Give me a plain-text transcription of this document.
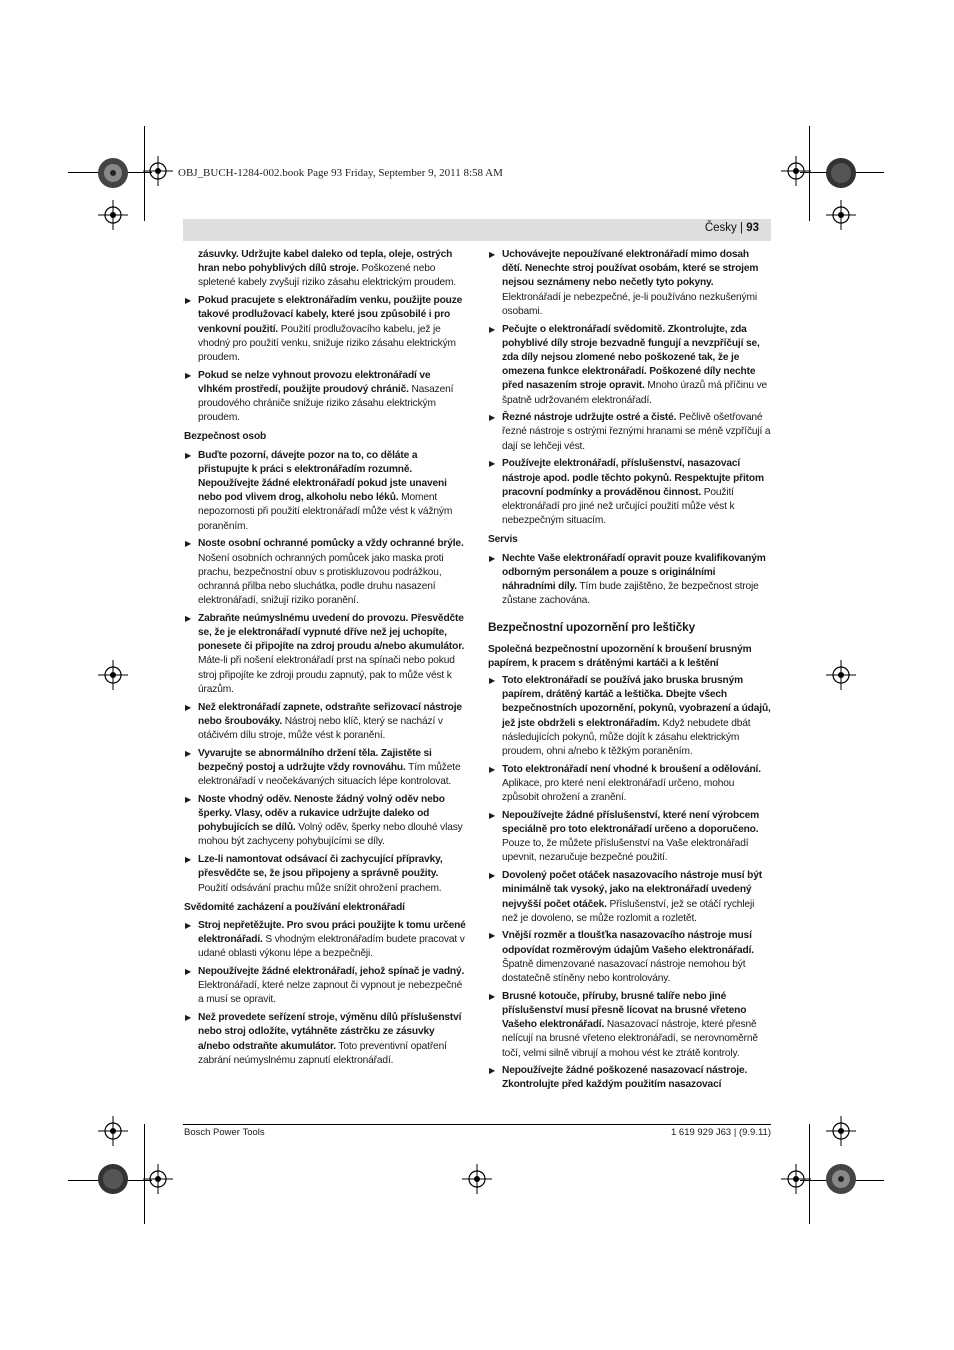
OBJ_BUCH-1284-002.book Page 93 Friday, September 9, 2011 8:58 AM
Česky | 93
zásuvky. Udržujte kabel daleko od tepla, oleje, ostrých hran nebo pohyblivých dílů stroje. Poškozené nebo spletené kabely zvyšují riziko zásahu elektrickým proudem.
▶ Pokud pracujete s elektronářadím venku, použijte pouze takové prodlužovací kabely, které jsou způsobilé i pro venkovní použití. Použití prodlužovacího kabelu, jež je vhodný pro použití venku, snižuje riziko zásahu elektrickým proudem.
▶ Pokud se nelze vyhnout provozu elektronářadí ve vlhkém prostředí, použijte proudový chránič. Nasazení proudového chrániče snižuje riziko zásahu elektrickým proudem.
Bezpečnost osob
▶ Buďte pozorní, dávejte pozor na to, co děláte a přistupujte k práci s elektronářadím rozumně. Nepoužívejte žádné elektronářadí pokud jste unaveni nebo pod vlivem drog, alkoholu nebo léků. Moment nepozornosti při použití elektronářadí může vést k vážným poraněním.
▶ Noste osobní ochranné pomůcky a vždy ochranné brýle. Nošení osobních ochranných pomůcek jako maska proti prachu, bezpečnostní obuv s protiskluzovou podrážkou, ochranná přilba nebo sluchátka, podle druhu nasazení elektronářadí, snižují riziko poranění.
▶ Zabraňte neúmyslnému uvedení do provozu. Přesvědčte se, že je elektronářadí vypnuté dříve než jej uchopíte, ponesete či připojíte na zdroj proudu a/nebo akumulátor. Máte-li při nošení elektronářadí prst na spínači nebo pokud stroj připojíte ke zdroji proudu zapnutý, pak to může vést k úrazům.
▶ Než elektronářadí zapnete, odstraňte seřizovací nástroje nebo šroubováky. Nástroj nebo klíč, který se nachází v otáčivém dílu stroje, může vést k poranění.
▶ Vyvarujte se abnormálního držení těla. Zajistěte si bezpečný postoj a udržujte vždy rovnováhu. Tím můžete elektronářadí v neočekávaných situacích lépe kontrolovat.
▶ Noste vhodný oděv. Nenoste žádný volný oděv nebo šperky. Vlasy, oděv a rukavice udržujte daleko od pohybujících se dílů. Volný oděv, šperky nebo dlouhé vlasy mohou být zachyceny pohybujícími se díly.
▶ Lze-li namontovat odsávací či zachycující přípravky, přesvědčte se, že jsou připojeny a správně použity. Použití odsávání prachu může snížit ohrožení prachem.
Svědomité zacházení a používání elektronářadí
▶ Stroj nepřetěžujte. Pro svou práci použijte k tomu určené elektronářadí. S vhodným elektronářadím budete pracovat v udané oblasti výkonu lépe a bezpečněji.
▶ Nepoužívejte žádné elektronářadí, jehož spínač je vadný. Elektronářadí, které nelze zapnout či vypnout je nebezpečné a musí se opravit.
▶ Než provedete seřízení stroje, výměnu dílů příslušenství nebo stroj odložíte, vytáhněte zástrčku ze zásuvky a/nebo odstraňte akumulátor. Toto preventivní opatření zabrání neúmyslnému zapnutí elektronářadí.
▶ Uchovávejte nepoužívané elektronářadí mimo dosah dětí. Nenechte stroj používat osobám, které se strojem nejsou seznámeny nebo nečetly tyto pokyny. Elektronářadí je nebezpečné, je-li používáno nezkušenými osobami.
▶ Pečujte o elektronářadí svědomitě. Zkontrolujte, zda pohyblivé díly stroje bezvadně fungují a nevzpříčují se, zda díly nejsou zlomené nebo poškozené tak, že je omezena funkce elektronářadí. Poškozené díly nechte před nasazením stroje opravit. Mnoho úrazů má příčinu ve špatně udržovaném elektronářadí.
▶ Řezné nástroje udržujte ostré a čisté. Pečlivě ošetřované řezné nástroje s ostrými řeznými hranami se méně vzpříčují a dají se lehčeji vést.
▶ Používejte elektronářadí, příslušenství, nasazovací nástroje apod. podle těchto pokynů. Respektujte přitom pracovní podmínky a prováděnou činnost. Použití elektronářadí pro jiné než určující použití může vést k nebezpečným situacím.
Servis
▶ Nechte Vaše elektronářadí opravit pouze kvalifikovaným odborným personálem a pouze s originálními náhradními díly. Tím bude zajištěno, že bezpečnost stroje zůstane zachována.
Bezpečnostní upozornění pro leštičky
Společná bezpečnostní upozornění k broušení brusným papírem, k pracem s drátěnými kartáči a k leštění
▶ Toto elektronářadí se používá jako bruska brusným papírem, drátěný kartáč a leštička. Dbejte všech bezpečnostních upozornění, pokynů, vyobrazení a údajů, jež jste obdrželi s elektronářadím. Když nebudete dbát následujících pokynů, může dojít k zásahu elektrickým proudem, ohni a/nebo k těžkým poraněním.
▶ Toto elektronářadí není vhodné k broušení a odělování. Aplikace, pro které není elektronářadí určeno, mohou způsobit ohrožení a zranění.
▶ Nepoužívejte žádné příslušenství, které není výrobcem speciálně pro toto elektronářadí určeno a doporučeno. Pouze to, že můžete příslušenství na Vaše elektronářadí upevnit, nezaručuje bezpečné použití.
▶ Dovolený počet otáček nasazovacího nástroje musí být minimálně tak vysoký, jako na elektronářadí uvedený nejvyšší počet otáček. Příslušenství, jež se otáčí rychleji než je dovoleno, se může rozlomit a rozletět.
▶ Vnější rozměr a tloušťka nasazovacího nástroje musí odpovídat rozměrovým údajům Vašeho elektronářadí. Špatně dimenzované nasazovací nástroje nemohou být dostatečně stíněny nebo kontrolovány.
▶ Brusné kotouče, příruby, brusné talíře nebo jiné příslušenství musí přesně lícovat na brusné vřeteno Vašeho elektronářadí. Nasazovací nástroje, které přesně nelícují na brusné vřeteno elektronářadí, se nerovnoměrně točí, velmi silně vibrují a mohou vést ke ztrátě kontroly.
▶ Nepoužívejte žádné poškozené nasazovací nástroje. Zkontrolujte před každým použitím nasazovací
Bosch Power Tools	1 619 929 J63 | (9.9.11)
